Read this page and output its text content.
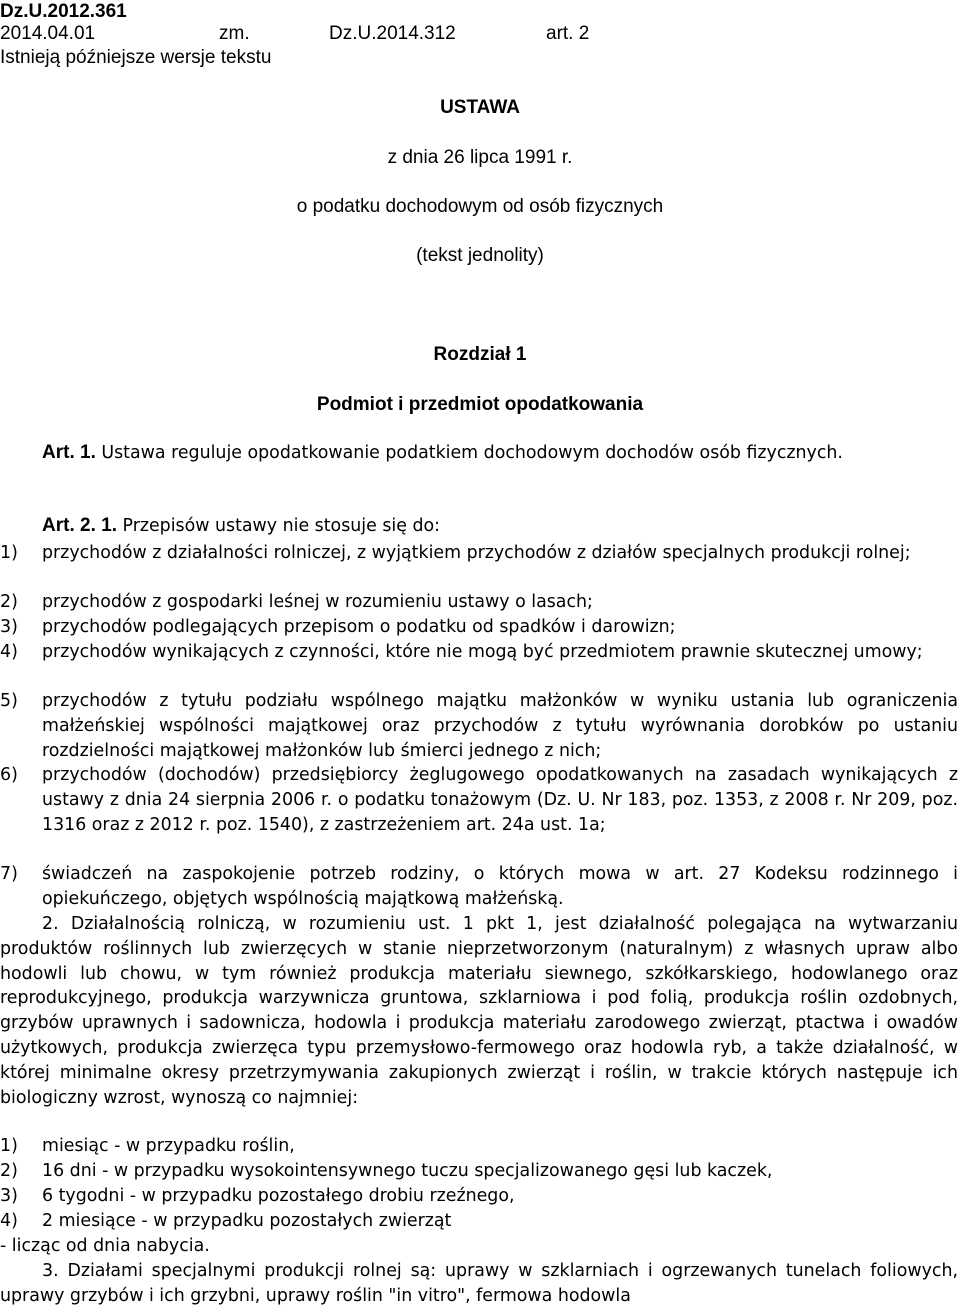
Dz.U.2012.361
2014.04.01	zm.	Dz.U.2014.312	art. 2
Istnieją późniejsze wersje tekstu
USTAWA
z dnia 26 lipca 1991 r.
o podatku dochodowym od osób fizycznych
(tekst jednolity)
Rozdział 1
Podmiot i przedmiot opodatkowania
Art. 1. Ustawa reguluje opodatkowanie podatkiem dochodowym dochodów osób fizycznych.
Art. 2. 1. Przepisów ustawy nie stosuje się do:
1) przychodów z działalności rolniczej, z wyjątkiem przychodów z działów specjalnych produkcji rolnej;
2) przychodów z gospodarki leśnej w rozumieniu ustawy o lasach;
3) przychodów podlegających przepisom o podatku od spadków i darowizn;
4) przychodów wynikających z czynności, które nie mogą być przedmiotem prawnie skutecznej umowy;
5) przychodów z tytułu podziału wspólnego majątku małżonków w wyniku ustania lub ograniczenia małżeńskiej wspólności majątkowej oraz przychodów z tytułu wyrównania dorobków po ustaniu rozdzielności majątkowej małżonków lub śmierci jednego z nich;
6) przychodów (dochodów) przedsiębiorcy żeglugowego opodatkowanych na zasadach wynikających z ustawy z dnia 24 sierpnia 2006 r. o podatku tonażowym (Dz. U. Nr 183, poz. 1353, z 2008 r. Nr 209, poz. 1316 oraz z 2012 r. poz. 1540), z zastrzeżeniem art. 24a ust. 1a;
7) świadczeń na zaspokojenie potrzeb rodziny, o których mowa w art. 27 Kodeksu rodzinnego i opiekuńczego, objętych wspólnością majątkową małżeńską.
2. Działalnością rolniczą, w rozumieniu ust. 1 pkt 1, jest działalność polegająca na wytwarzaniu produktów roślinnych lub zwierzęcych w stanie nieprzetworzonym (naturalnym) z własnych upraw albo hodowli lub chowu, w tym również produkcja materiału siewnego, szkółkarskiego, hodowlanego oraz reprodukcyjnego, produkcja warzywnicza gruntowa, szklarniowa i pod folią, produkcja roślin ozdobnych, grzybów uprawnych i sadownicza, hodowla i produkcja materiału zarodowego zwierząt, ptactwa i owadów użytkowych, produkcja zwierzęca typu przemysłowo-fermowego oraz hodowla ryb, a także działalność, w której minimalne okresy przetrzymywania zakupionych zwierząt i roślin, w trakcie których następuje ich biologiczny wzrost, wynoszą co najmniej:
1) miesiąc - w przypadku roślin,
2) 16 dni - w przypadku wysokointensywnego tuczu specjalizowanego gęsi lub kaczek,
3) 6 tygodni - w przypadku pozostałego drobiu rzeźnego,
4) 2 miesiące - w przypadku pozostałych zwierząt
- licząc od dnia nabycia.
3. Działami specjalnymi produkcji rolnej są: uprawy w szklarniach i ogrzewanych tunelach foliowych, uprawy grzybów i ich grzybni, uprawy roślin "in vitro", fermowa hodowla
